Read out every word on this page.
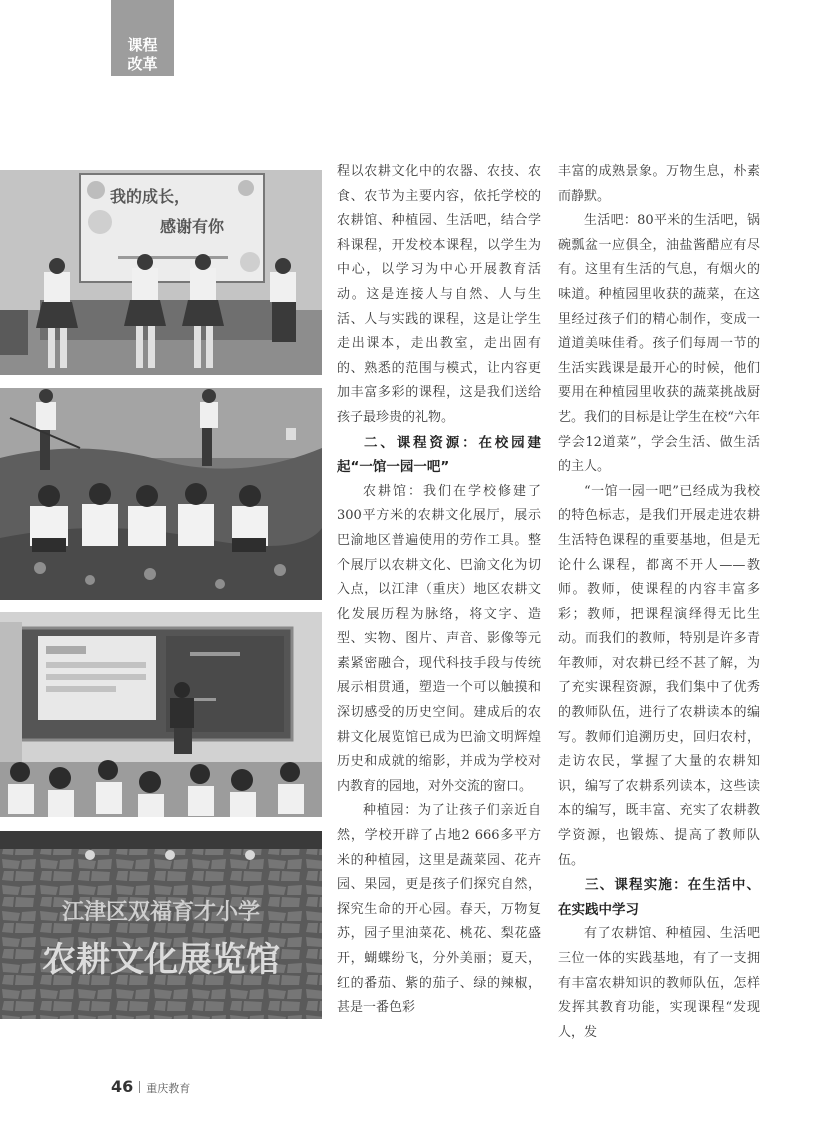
课程
改革
我的成长，
感谢有你
江津区双福育才小学
农耕文化展览馆

程以农耕文化中的农器、农技、农食、农节为主要内容，依托学校的农耕馆、种植园、生活吧，结合学科课程，开发校本课程，以学生为中心，以学习为中心开展教育活动。这是连接人与自然、人与生活、人与实践的课程，这是让学生走出课本，走出教室，走出固有的、熟悉的范围与模式，让内容更加丰富多彩的课程，这是我们送给孩子最珍贵的礼物。

二、课程资源：在校园建起“一馆一园一吧”

农耕馆：我们在学校修建了300平方米的农耕文化展厅，展示巴渝地区普遍使用的劳作工具。整个展厅以农耕文化、巴渝文化为切入点，以江津（重庆）地区农耕文化发展历程为脉络，将文字、造型、实物、图片、声音、影像等元素紧密融合，现代科技手段与传统展示相贯通，塑造一个可以触摸和深切感受的历史空间。建成后的农耕文化展览馆已成为巴渝文明辉煌历史和成就的缩影，并成为学校对内教育的园地，对外交流的窗口。

种植园：为了让孩子们亲近自然，学校开辟了占地2 666多平方米的种植园，这里是蔬菜园、花卉园、果园，更是孩子们探究自然，探究生命的开心园。春天，万物复苏，园子里油菜花、桃花、梨花盛开，蝴蝶纷飞，分外美丽；夏天，红的番茄、紫的茄子、绿的辣椒，甚是一番色彩

丰富的成熟景象。万物生息，朴素而静默。

生活吧：80平米的生活吧，锅碗瓢盆一应俱全，油盐酱醋应有尽有。这里有生活的气息，有烟火的味道。种植园里收获的蔬菜，在这里经过孩子们的精心制作，变成一道道美味佳肴。孩子们每周一节的生活实践课是最开心的时候，他们要用在种植园里收获的蔬菜挑战厨艺。我们的目标是让学生在校“六年学会12道菜”，学会生活、做生活的主人。

“一馆一园一吧”已经成为我校的特色标志，是我们开展走进农耕生活特色课程的重要基地，但是无论什么课程，都离不开人——教师。教师，使课程的内容丰富多彩；教师，把课程演绎得无比生动。而我们的教师，特别是许多青年教师，对农耕已经不甚了解，为了充实课程资源，我们集中了优秀的教师队伍，进行了农耕读本的编写。教师们追溯历史，回归农村，走访农民，掌握了大量的农耕知识，编写了农耕系列读本，这些读本的编写，既丰富、充实了农耕教学资源，也锻炼、提高了教师队伍。

三、课程实施：在生活中、在实践中学习

有了农耕馆、种植园、生活吧三位一体的实践基地，有了一支拥有丰富农耕知识的教师队伍，怎样发挥其教育功能，实现课程“发现人，发

46 重庆教育
